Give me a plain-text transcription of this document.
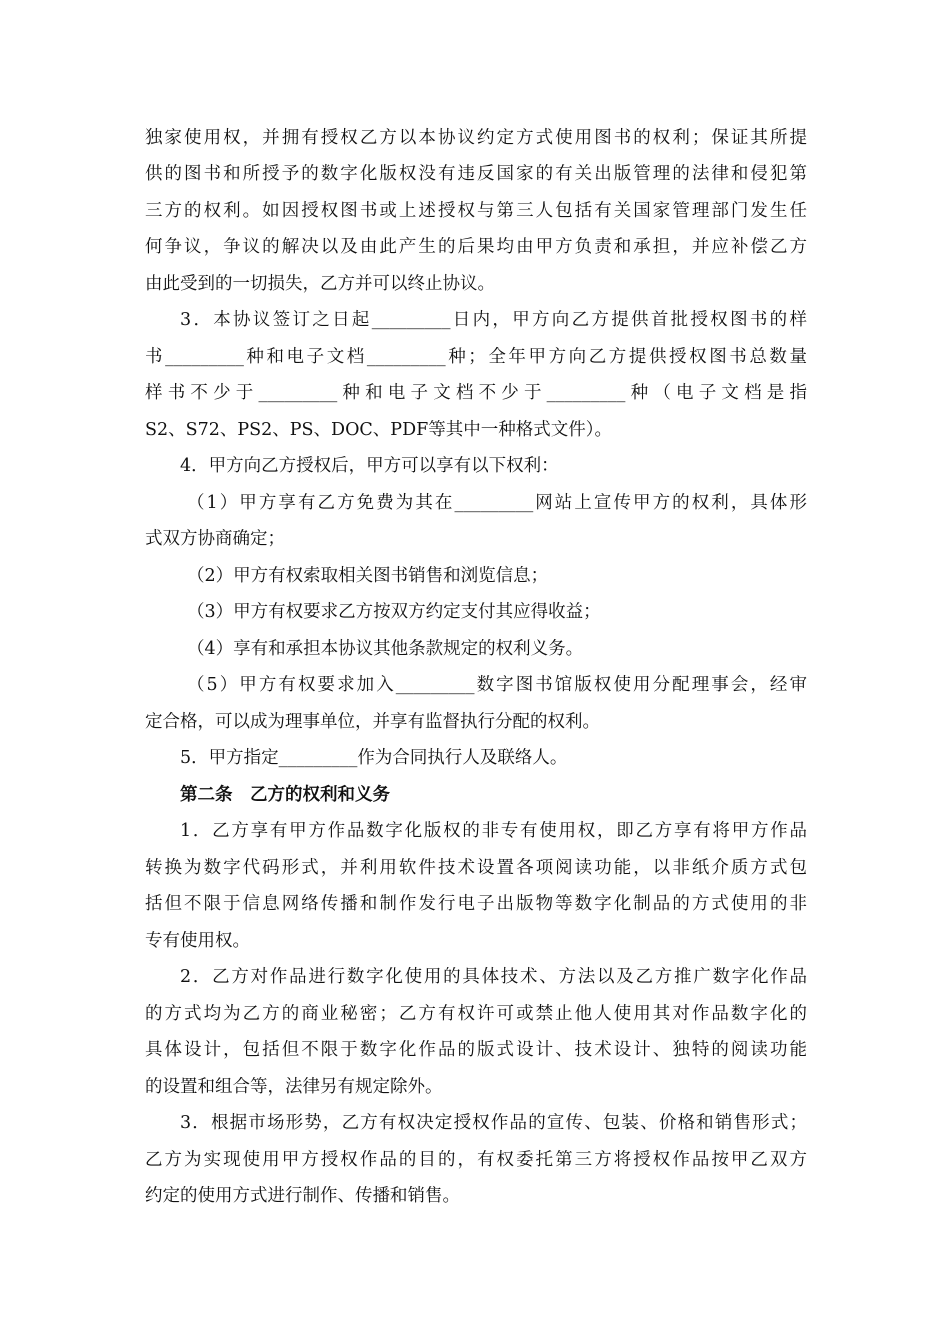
独家使用权，并拥有授权乙方以本协议约定方式使用图书的权利；保证其所提
供的图书和所授予的数字化版权没有违反国家的有关出版管理的法律和侵犯第
三方的权利。如因授权图书或上述授权与第三人包括有关国家管理部门发生任
何争议，争议的解决以及由此产生的后果均由甲方负责和承担，并应补偿乙方
由此受到的一切损失，乙方并可以终止协议。
3．本协议签订之日起_________日内，甲方向乙方提供首批授权图书的样
书_________种和电子文档_________种；全年甲方向乙方提供授权图书总数量
样书不少于_________种和电子文档不少于_________种（电子文档是指
S2、S72、PS2、PS、DOC、PDF等其中一种格式文件）。
4．甲方向乙方授权后，甲方可以享有以下权利：
（1）甲方享有乙方免费为其在_________网站上宣传甲方的权利，具体形
式双方协商确定；
（2）甲方有权索取相关图书销售和浏览信息；
（3）甲方有权要求乙方按双方约定支付其应得收益；
（4）享有和承担本协议其他条款规定的权利义务。
（5）甲方有权要求加入_________数字图书馆版权使用分配理事会，经审
定合格，可以成为理事单位，并享有监督执行分配的权利。
5．甲方指定_________作为合同执行人及联络人。
第二条　乙方的权利和义务
1．乙方享有甲方作品数字化版权的非专有使用权，即乙方享有将甲方作品
转换为数字代码形式，并利用软件技术设置各项阅读功能，以非纸介质方式包
括但不限于信息网络传播和制作发行电子出版物等数字化制品的方式使用的非
专有使用权。
2．乙方对作品进行数字化使用的具体技术、方法以及乙方推广数字化作品
的方式均为乙方的商业秘密；乙方有权许可或禁止他人使用其对作品数字化的
具体设计，包括但不限于数字化作品的版式设计、技术设计、独特的阅读功能
的设置和组合等，法律另有规定除外。
3．根据市场形势，乙方有权决定授权作品的宣传、包装、价格和销售形式；
乙方为实现使用甲方授权作品的目的，有权委托第三方将授权作品按甲乙双方
约定的使用方式进行制作、传播和销售。
